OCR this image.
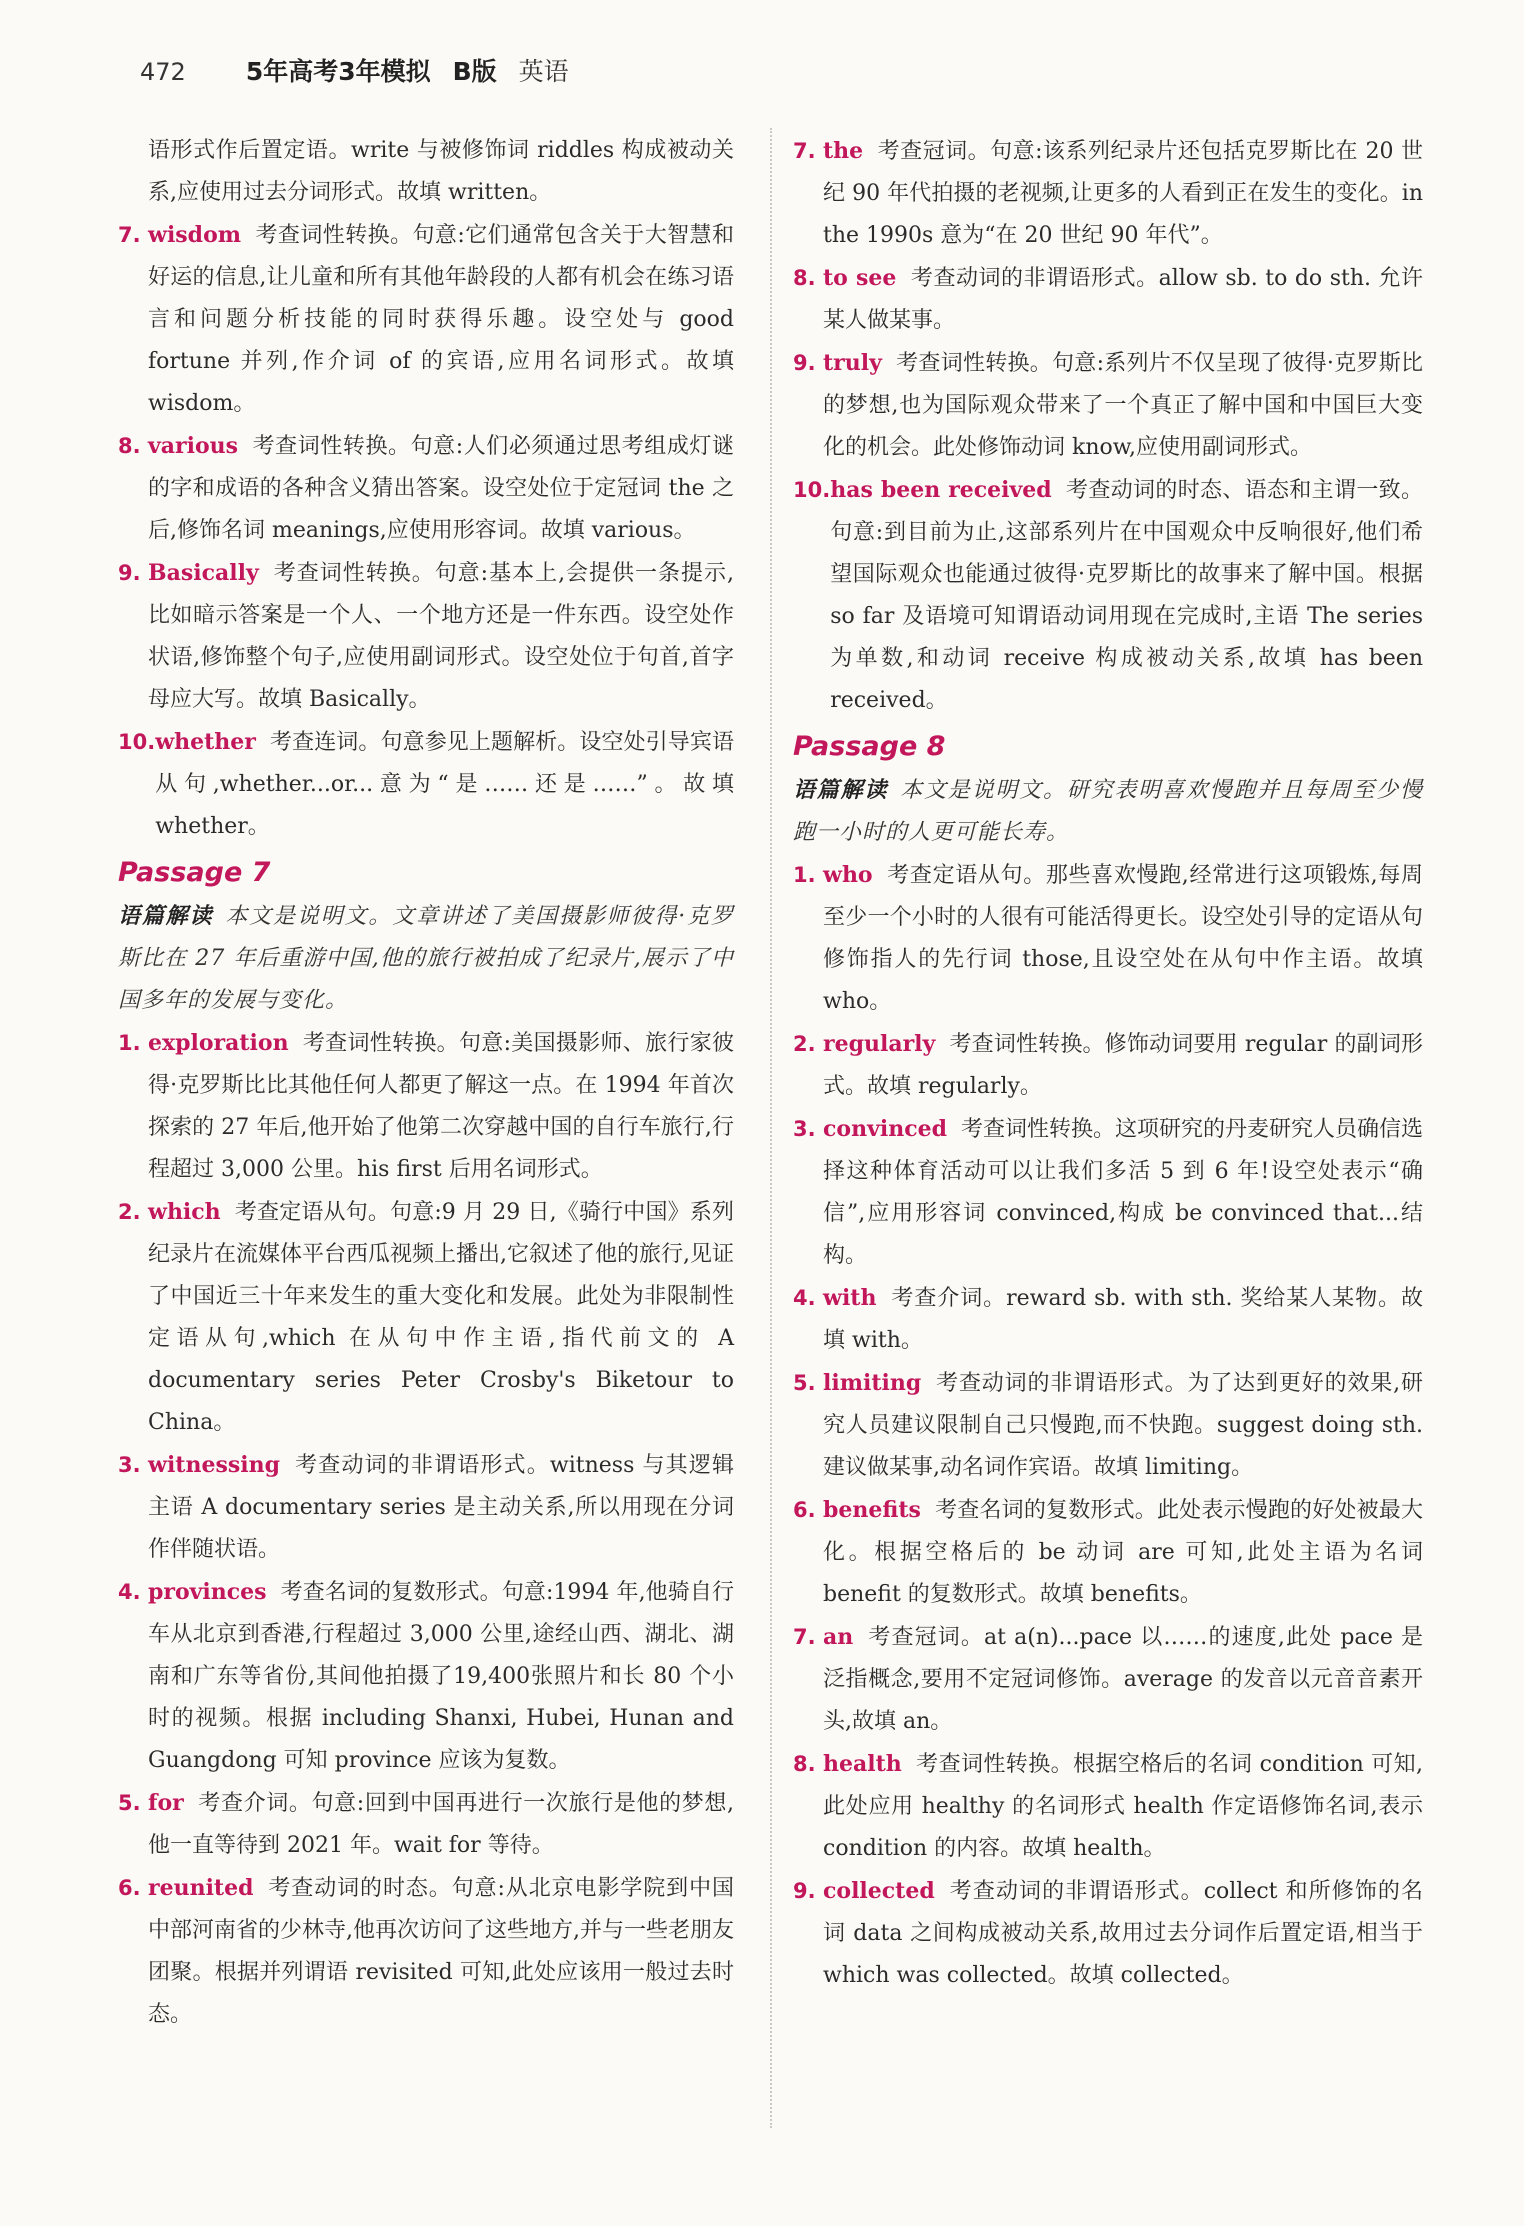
472 5年高考3年模拟 B版 英语
语形式作后置定语。write 与被修饰词 riddles 构成被动关系,应使用过去分词形式。故填 written。
7. wisdom 考查词性转换。句意:它们通常包含关于大智慧和好运的信息,让儿童和所有其他年龄段的人都有机会在练习语言和问题分析技能的同时获得乐趣。设空处与 good fortune 并列,作介词 of 的宾语,应用名词形式。故填 wisdom。
8. various 考查词性转换。句意:人们必须通过思考组成灯谜的字和成语的各种含义猜出答案。设空处位于定冠词 the 之后,修饰名词 meanings,应使用形容词。故填 various。
9. Basically 考查词性转换。句意:基本上,会提供一条提示,比如暗示答案是一个人、一个地方还是一件东西。设空处作状语,修饰整个句子,应使用副词形式。设空处位于句首,首字母应大写。故填 Basically。
10. whether 考查连词。句意参见上题解析。设空处引导宾语从句,whether...or...意为“是……还是……”。故填 whether。
Passage 7
语篇解读 本文是说明文。文章讲述了美国摄影师彼得·克罗斯比在 27 年后重游中国,他的旅行被拍成了纪录片,展示了中国多年的发展与变化。
1. exploration 考查词性转换。句意:美国摄影师、旅行家彼得·克罗斯比比其他任何人都更了解这一点。在 1994 年首次探索的 27 年后,他开始了他第二次穿越中国的自行车旅行,行程超过 3,000 公里。his first 后用名词形式。
2. which 考查定语从句。句意:9 月 29 日,《骑行中国》系列纪录片在流媒体平台西瓜视频上播出,它叙述了他的旅行,见证了中国近三十年来发生的重大变化和发展。此处为非限制性定语从句,which 在从句中作主语,指代前文的 A documentary series Peter Crosby's Biketour to China。
3. witnessing 考查动词的非谓语形式。witness 与其逻辑主语 A documentary series 是主动关系,所以用现在分词作伴随状语。
4. provinces 考查名词的复数形式。句意:1994 年,他骑自行车从北京到香港,行程超过 3,000 公里,途经山西、湖北、湖南和广东等省份,其间他拍摄了19,400张照片和长 80 个小时的视频。根据 including Shanxi, Hubei, Hunan and Guangdong 可知 province 应该为复数。
5. for 考查介词。句意:回到中国再进行一次旅行是他的梦想,他一直等待到 2021 年。wait for 等待。
6. reunited 考查动词的时态。句意:从北京电影学院到中国中部河南省的少林寺,他再次访问了这些地方,并与一些老朋友团聚。根据并列谓语 revisited 可知,此处应该用一般过去时态。
7. the 考查冠词。句意:该系列纪录片还包括克罗斯比在 20 世纪 90 年代拍摄的老视频,让更多的人看到正在发生的变化。in the 1990s 意为“在 20 世纪 90 年代”。
8. to see 考查动词的非谓语形式。allow sb. to do sth. 允许某人做某事。
9. truly 考查词性转换。句意:系列片不仅呈现了彼得·克罗斯比的梦想,也为国际观众带来了一个真正了解中国和中国巨大变化的机会。此处修饰动词 know,应使用副词形式。
10. has been received 考查动词的时态、语态和主谓一致。句意:到目前为止,这部系列片在中国观众中反响很好,他们希望国际观众也能通过彼得·克罗斯比的故事来了解中国。根据 so far 及语境可知谓语动词用现在完成时,主语 The series 为单数,和动词 receive 构成被动关系,故填 has been received。
Passage 8
语篇解读 本文是说明文。研究表明喜欢慢跑并且每周至少慢跑一小时的人更可能长寿。
1. who 考查定语从句。那些喜欢慢跑,经常进行这项锻炼,每周至少一个小时的人很有可能活得更长。设空处引导的定语从句修饰指人的先行词 those,且设空处在从句中作主语。故填 who。
2. regularly 考查词性转换。修饰动词要用 regular 的副词形式。故填 regularly。
3. convinced 考查词性转换。这项研究的丹麦研究人员确信选择这种体育活动可以让我们多活 5 到 6 年!设空处表示“确信”,应用形容词 convinced,构成 be convinced that...结构。
4. with 考查介词。reward sb. with sth. 奖给某人某物。故填 with。
5. limiting 考查动词的非谓语形式。为了达到更好的效果,研究人员建议限制自己只慢跑,而不快跑。suggest doing sth.建议做某事,动名词作宾语。故填 limiting。
6. benefits 考查名词的复数形式。此处表示慢跑的好处被最大化。根据空格后的 be 动词 are 可知,此处主语为名词 benefit 的复数形式。故填 benefits。
7. an 考查冠词。at a(n)...pace 以……的速度,此处 pace 是泛指概念,要用不定冠词修饰。average 的发音以元音音素开头,故填 an。
8. health 考查词性转换。根据空格后的名词 condition 可知,此处应用 healthy 的名词形式 health 作定语修饰名词,表示 condition 的内容。故填 health。
9. collected 考查动词的非谓语形式。collect 和所修饰的名词 data 之间构成被动关系,故用过去分词作后置定语,相当于 which was collected。故填 collected。
